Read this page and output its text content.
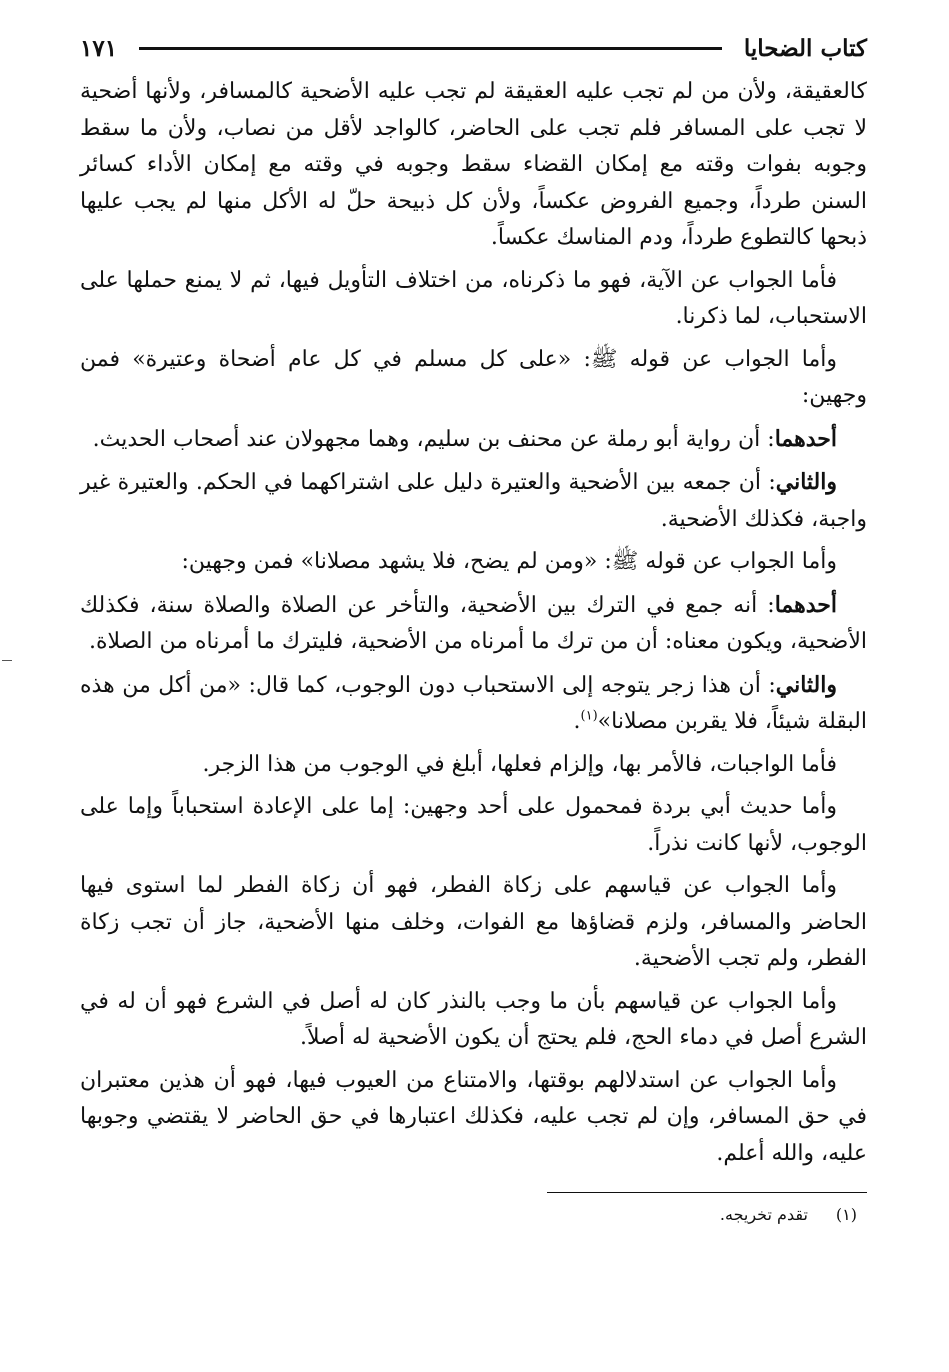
كتاب الضحايا
١٧١

كالعقيقة، ولأن من لم تجب عليه العقيقة لم تجب عليه الأضحية كالمسافر، ولأنها أضحية لا تجب على المسافر فلم تجب على الحاضر، كالواجد لأقل من نصاب، ولأن ما سقط وجوبه بفوات وقته مع إمكان القضاء سقط وجوبه في وقته مع إمكان الأداء كسائر السنن طرداً، وجميع الفروض عكساً، ولأن كل ذبيحة حلّ له الأكل منها لم يجب عليها ذبحها كالتطوع طرداً، ودم المناسك عكساً.

فأما الجواب عن الآية، فهو ما ذكرناه، من اختلاف التأويل فيها، ثم لا يمنع حملها على الاستحباب، لما ذكرنا.

وأما الجواب عن قوله ﷺ: «على كل مسلم في كل عام أضحاة وعتيرة» فمن وجهين:

أحدهما: أن رواية أبو رملة عن محنف بن سليم، وهما مجهولان عند أصحاب الحديث.

والثاني: أن جمعه بين الأضحية والعتيرة دليل على اشتراكهما في الحكم. والعتيرة غير واجبة، فكذلك الأضحية.

وأما الجواب عن قوله ﷺ: «ومن لم يضح، فلا يشهد مصلانا» فمن وجهين:

أحدهما: أنه جمع في الترك بين الأضحية، والتأخر عن الصلاة والصلاة سنة، فكذلك الأضحية، ويكون معناه: أن من ترك ما أمرناه من الأضحية، فليترك ما أمرناه من الصلاة.

والثاني: أن هذا زجر يتوجه إلى الاستحباب دون الوجوب، كما قال: «من أكل من هذه البقلة شيئاً، فلا يقربن مصلانا»$^{(١)}$.

فأما الواجبات، فالأمر بها، وإلزام فعلها، أبلغ في الوجوب من هذا الزجر.

وأما حديث أبي بردة فمحمول على أحد وجهين: إما على الإعادة استحباباً وإما على الوجوب، لأنها كانت نذراً.

وأما الجواب عن قياسهم على زكاة الفطر، فهو أن زكاة الفطر لما استوى فيها الحاضر والمسافر، ولزم قضاؤها مع الفوات، وخلف منها الأضحية، جاز أن تجب زكاة الفطر، ولم تجب الأضحية.

وأما الجواب عن قياسهم بأن ما وجب بالنذر كان له أصل في الشرع فهو أن له في الشرع أصل في دماء الحج، فلم يحتج أن يكون الأضحية له أصلاً.

وأما الجواب عن استدلالهم بوقتها، والامتناع من العيوب فيها، فهو أن هذين معتبران في حق المسافر، وإن لم تجب عليه، فكذلك اعتبارها في حق الحاضر لا يقتضي وجوبها عليه، والله أعلم.

(١)
تقدم تخريجه.
